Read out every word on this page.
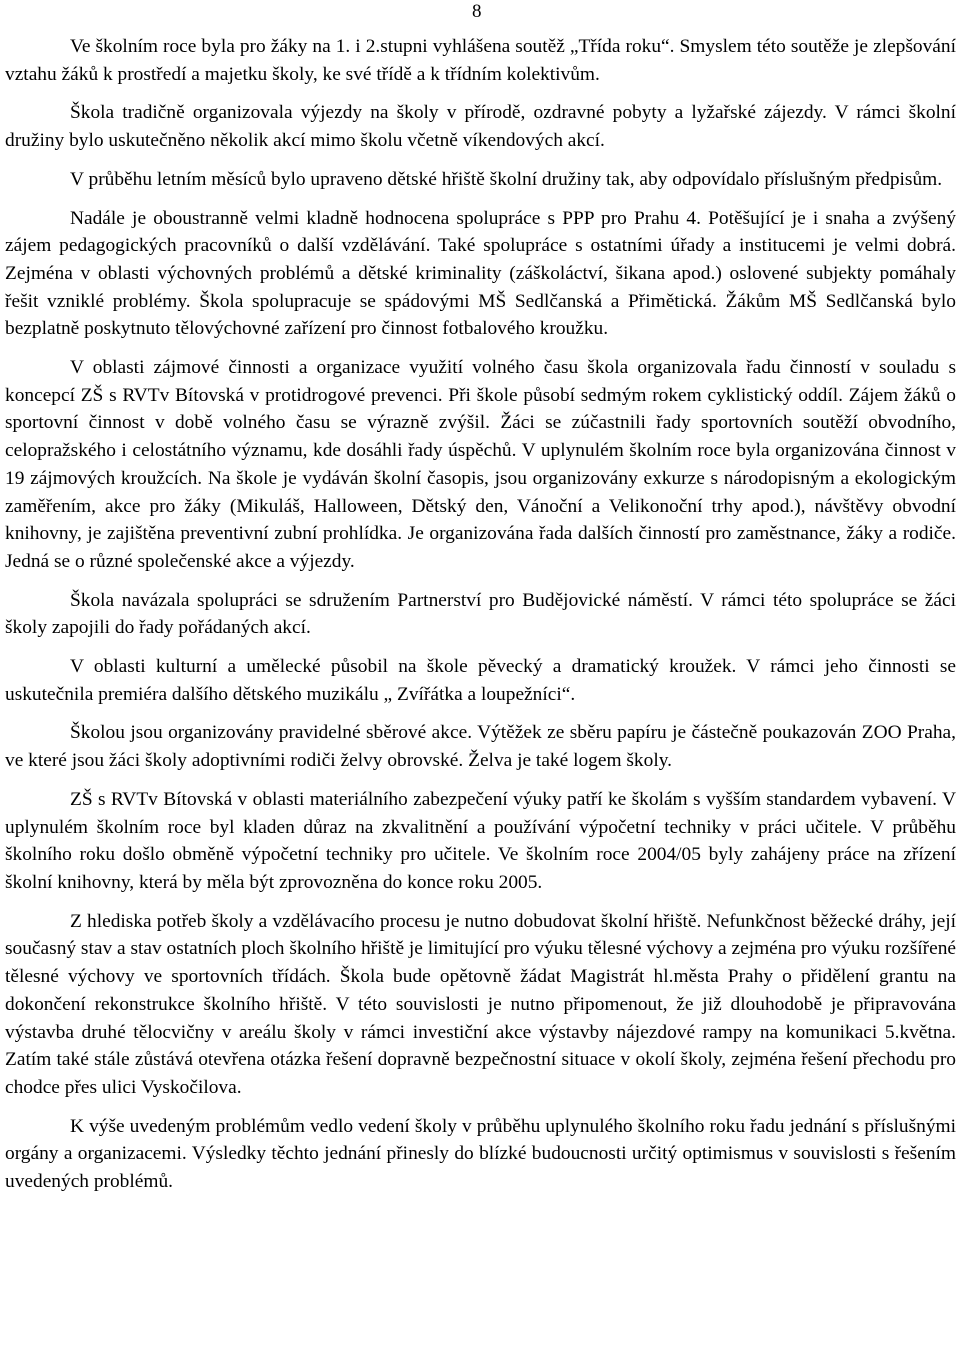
8

Ve školním roce byla pro žáky na 1. i 2.stupni vyhlášena soutěž „Třída roku“. Smyslem této soutěže je zlepšování vztahu žáků k prostředí a majetku školy, ke své třídě a k třídním kolektivům.

Škola tradičně organizovala výjezdy na školy v přírodě, ozdravné pobyty a lyžařské zájezdy. V rámci školní družiny bylo uskutečněno několik akcí mimo školu včetně víkendových akcí.

V průběhu letním měsíců bylo upraveno dětské hřiště školní družiny tak, aby odpovídalo příslušným předpisům.

Nadále je oboustranně velmi kladně hodnocena spolupráce s PPP pro Prahu 4. Potěšující je i snaha a zvýšený zájem pedagogických pracovníků o další vzdělávání. Také spolupráce s ostatními úřady a institucemi je velmi dobrá. Zejména v oblasti výchovných problémů a dětské kriminality (záškoláctví, šikana apod.) oslovené subjekty pomáhaly řešit vzniklé problémy. Škola spolupracuje se spádovými MŠ Sedlčanská a Přimětická. Žákům MŠ Sedlčanská bylo bezplatně poskytnuto tělovýchovné zařízení pro činnost fotbalového kroužku.

V oblasti zájmové činnosti a organizace využití volného času škola organizovala řadu činností v souladu s koncepcí ZŠ s RVTv Bítovská v protidrogové prevenci. Při škole působí sedmým rokem cyklistický oddíl. Zájem žáků o sportovní činnost v době volného času se výrazně zvýšil. Žáci se zúčastnili řady sportovních soutěží obvodního, celopražského i celostátního významu, kde dosáhli řady úspěchů. V uplynulém školním roce byla organizována činnost v 19 zájmových kroužcích. Na škole je vydáván školní časopis, jsou organizovány exkurze s národopisným a ekologickým zaměřením, akce pro žáky (Mikuláš, Halloween, Dětský den, Vánoční a Velikonoční trhy apod.), návštěvy obvodní knihovny, je zajištěna preventivní zubní prohlídka. Je organizována řada dalších činností pro zaměstnance, žáky a rodiče. Jedná se o různé společenské akce a výjezdy.

Škola navázala spolupráci se sdružením Partnerství pro Budějovické náměstí. V rámci této spolupráce se žáci školy zapojili do řady pořádaných akcí.

V oblasti kulturní a umělecké působil na škole pěvecký a dramatický kroužek. V rámci jeho činnosti se uskutečnila premiéra dalšího dětského muzikálu „ Zvířátka a loupežníci“.

Školou jsou organizovány pravidelné sběrové akce. Výtěžek ze sběru papíru je částečně poukazován ZOO Praha, ve které jsou žáci školy adoptivními rodiči želvy obrovské. Želva je také logem školy.

ZŠ s RVTv Bítovská v oblasti materiálního zabezpečení výuky patří ke školám s vyšším standardem vybavení. V uplynulém školním roce byl kladen důraz na zkvalitnění a používání výpočetní techniky v práci učitele. V průběhu školního roku došlo obměně výpočetní techniky pro učitele. Ve školním roce 2004/05 byly zahájeny práce na zřízení školní knihovny, která by měla být zprovozněna do konce roku 2005.

Z hlediska potřeb školy a vzdělávacího procesu je nutno dobudovat školní hřiště. Nefunkčnost běžecké dráhy, její současný stav a stav ostatních ploch školního hřiště je limitující pro výuku tělesné výchovy a zejména pro výuku rozšířené tělesné výchovy ve sportovních třídách. Škola bude opětovně žádat Magistrát hl.města Prahy o přidělení grantu na dokončení rekonstrukce školního hřiště. V této souvislosti je nutno připomenout, že již dlouhodobě je připravována výstavba druhé tělocvičny v areálu školy v rámci investiční akce výstavby nájezdové rampy na komunikaci 5.května. Zatím také stále zůstává otevřena otázka řešení dopravně bezpečnostní situace v okolí školy, zejména řešení přechodu pro chodce přes ulici Vyskočilova.

K výše uvedeným problémům vedlo vedení školy v průběhu uplynulého školního roku řadu jednání s příslušnými orgány a organizacemi. Výsledky těchto jednání přinesly do blízké budoucnosti určitý optimismus v souvislosti s řešením uvedených problémů.
